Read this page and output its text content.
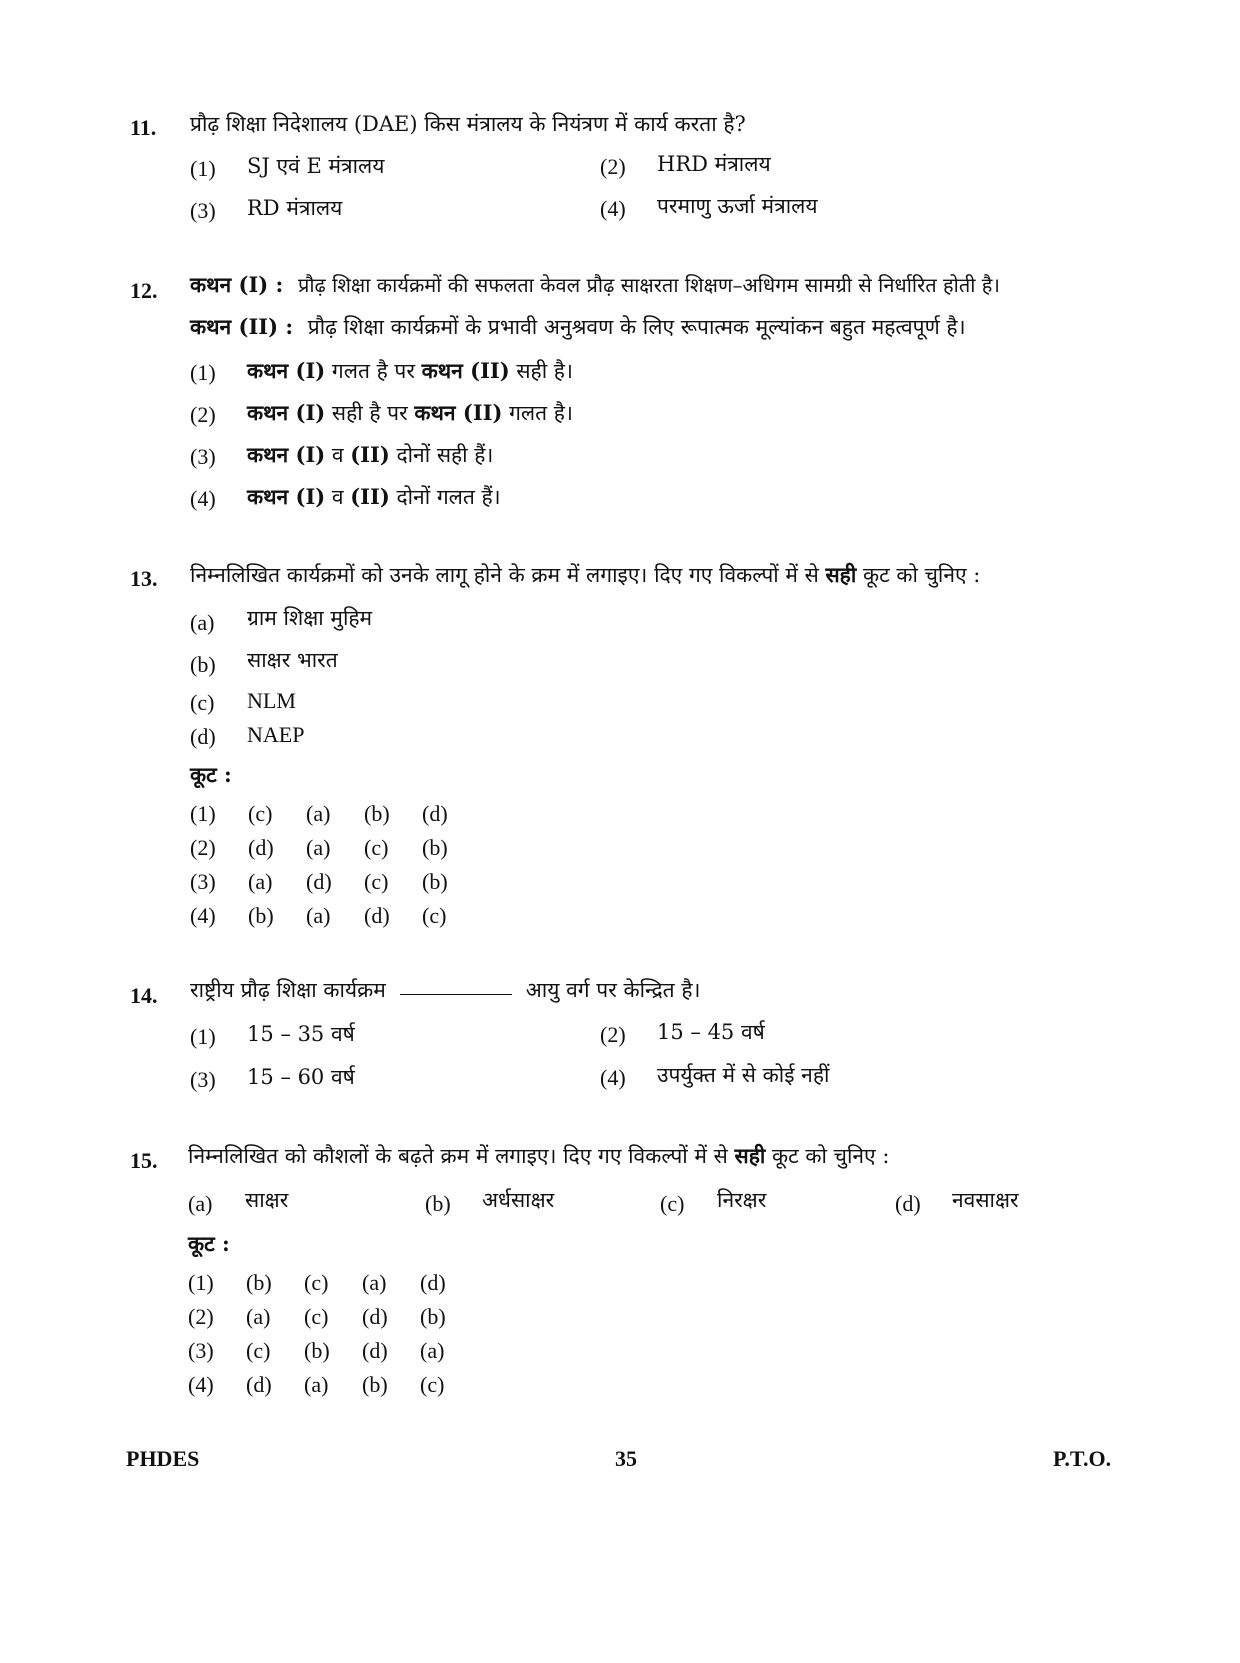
11. प्रौढ़ शिक्षा निदेशालय (DAE) किस मंत्रालय के नियंत्रण में कार्य करता है?
(1) SJ एवं E मंत्रालय	(2) HRD मंत्रालय
(3) RD मंत्रालय	(4) परमाणु ऊर्जा मंत्रालय
12. कथन (I) : प्रौढ़ शिक्षा कार्यक्रमों की सफलता केवल प्रौढ़ साक्षरता शिक्षण–अधिगम सामग्री से निर्धारित होती है।
कथन (II) : प्रौढ़ शिक्षा कार्यक्रमों के प्रभावी अनुश्रवण के लिए रूपात्मक मूल्यांकन बहुत महत्वपूर्ण है।
(1) कथन (I) गलत है पर कथन (II) सही है।
(2) कथन (I) सही है पर कथन (II) गलत है।
(3) कथन (I) व (II) दोनों सही हैं।
(4) कथन (I) व (II) दोनों गलत हैं।
13. निम्नलिखित कार्यक्रमों को उनके लागू होने के क्रम में लगाइए। दिए गए विकल्पों में से सही कूट को चुनिए :
(a) ग्राम शिक्षा मुहिम
(b) साक्षर भारत
(c) NLM
(d) NAEP
कूट :
(1) (c) (a) (b) (d)
(2) (d) (a) (c) (b)
(3) (a) (d) (c) (b)
(4) (b) (a) (d) (c)
14. राष्ट्रीय प्रौढ़ शिक्षा कार्यक्रम	आयु वर्ग पर केन्द्रित है।
(1) 15 – 35 वर्ष	(2) 15 – 45 वर्ष
(3) 15 – 60 वर्ष	(4) उपर्युक्त में से कोई नहीं
15. निम्नलिखित को कौशलों के बढ़ते क्रम में लगाइए। दिए गए विकल्पों में से सही कूट को चुनिए :
(a) साक्षर	(b) अर्धसाक्षर	(c) निरक्षर	(d) नवसाक्षर
कूट :
(1) (b) (c) (a) (d)
(2) (a) (c) (d) (b)
(3) (c) (b) (d) (a)
(4) (d) (a) (b) (c)
PHDES	35	P.T.O.
